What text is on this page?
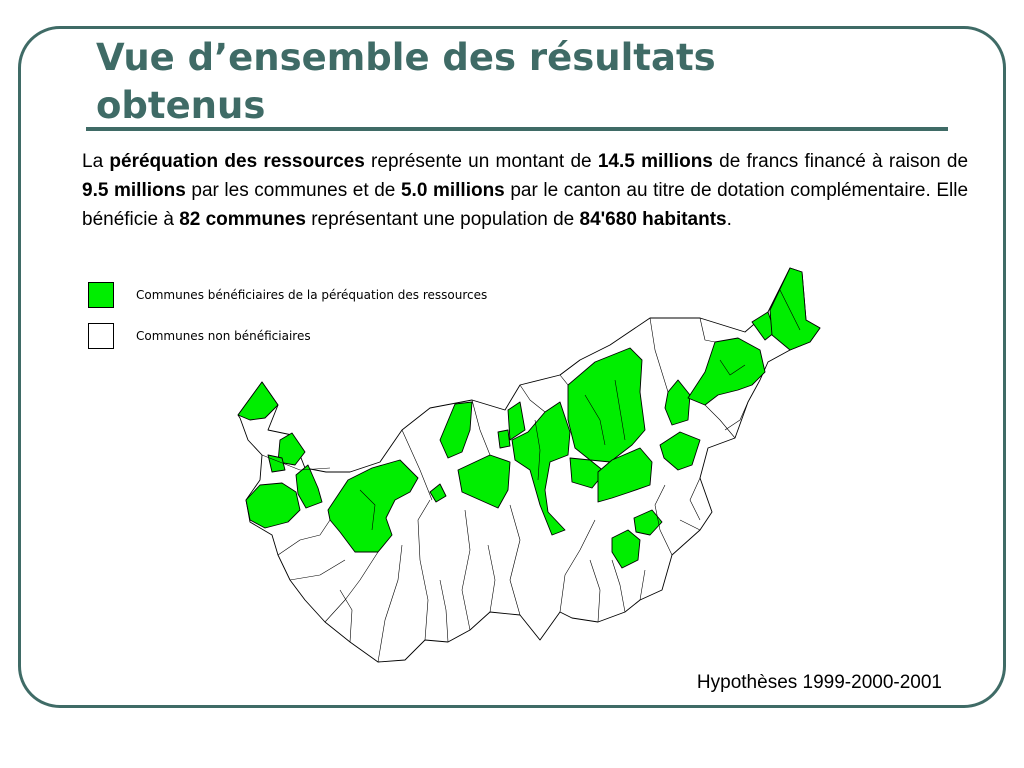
Vue d’ensemble des résultats obtenus

La péréquation des ressources représente un montant de 14.5 millions de francs financé à raison de 9.5 millions par les communes et de 5.0 millions par le canton au titre de dotation complémentaire. Elle bénéficie à 82 communes représentant une population de 84'680 habitants.

Communes bénéficiaires de la péréquation des ressources
Communes non bénéficiaires
Hypothèses 1999-2000-2001
